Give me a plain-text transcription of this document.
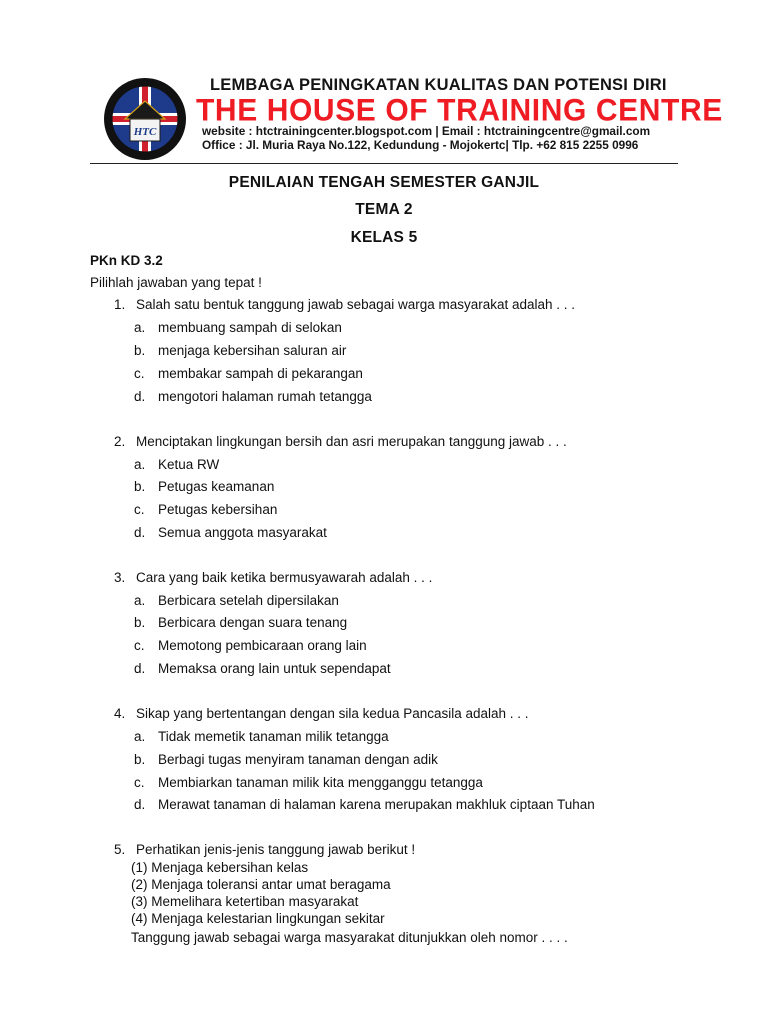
HTC
LEMBAGA PENINGKATAN KUALITAS DAN POTENSI DIRI
THE HOUSE OF TRAINING CENTRE
website : htctrainingcenter.blogspot.com | Email : htctrainingcentre@gmail.com
Office : Jl. Muria Raya No.122, Kedundung - Mojokertc| Tlp. +62 815 2255 0996
PENILAIAN TENGAH SEMESTER GANJIL
TEMA 2
KELAS 5
PKn KD 3.2
Pilihlah jawaban yang tepat !
1. Salah satu bentuk tanggung jawab sebagai warga masyarakat adalah . . .
a. membuang sampah di selokan
b. menjaga kebersihan saluran air
c. membakar sampah di pekarangan
d. mengotori halaman rumah tetangga
2. Menciptakan lingkungan bersih dan asri merupakan tanggung jawab . . .
a. Ketua RW
b. Petugas keamanan
c. Petugas kebersihan
d. Semua anggota masyarakat
3. Cara yang baik ketika bermusyawarah adalah . . .
a. Berbicara setelah dipersilakan
b. Berbicara dengan suara tenang
c. Memotong pembicaraan orang lain
d. Memaksa orang lain untuk sependapat
4. Sikap yang bertentangan dengan sila kedua Pancasila adalah . . .
a. Tidak memetik tanaman milik tetangga
b. Berbagi tugas menyiram tanaman dengan adik
c. Membiarkan tanaman milik kita mengganggu tetangga
d. Merawat tanaman di halaman karena merupakan makhluk ciptaan Tuhan
5. Perhatikan jenis-jenis tanggung jawab berikut !
(1) Menjaga kebersihan kelas
(2) Menjaga toleransi antar umat beragama
(3) Memelihara ketertiban masyarakat
(4) Menjaga kelestarian lingkungan sekitar
Tanggung jawab sebagai warga masyarakat ditunjukkan oleh nomor . . . .
